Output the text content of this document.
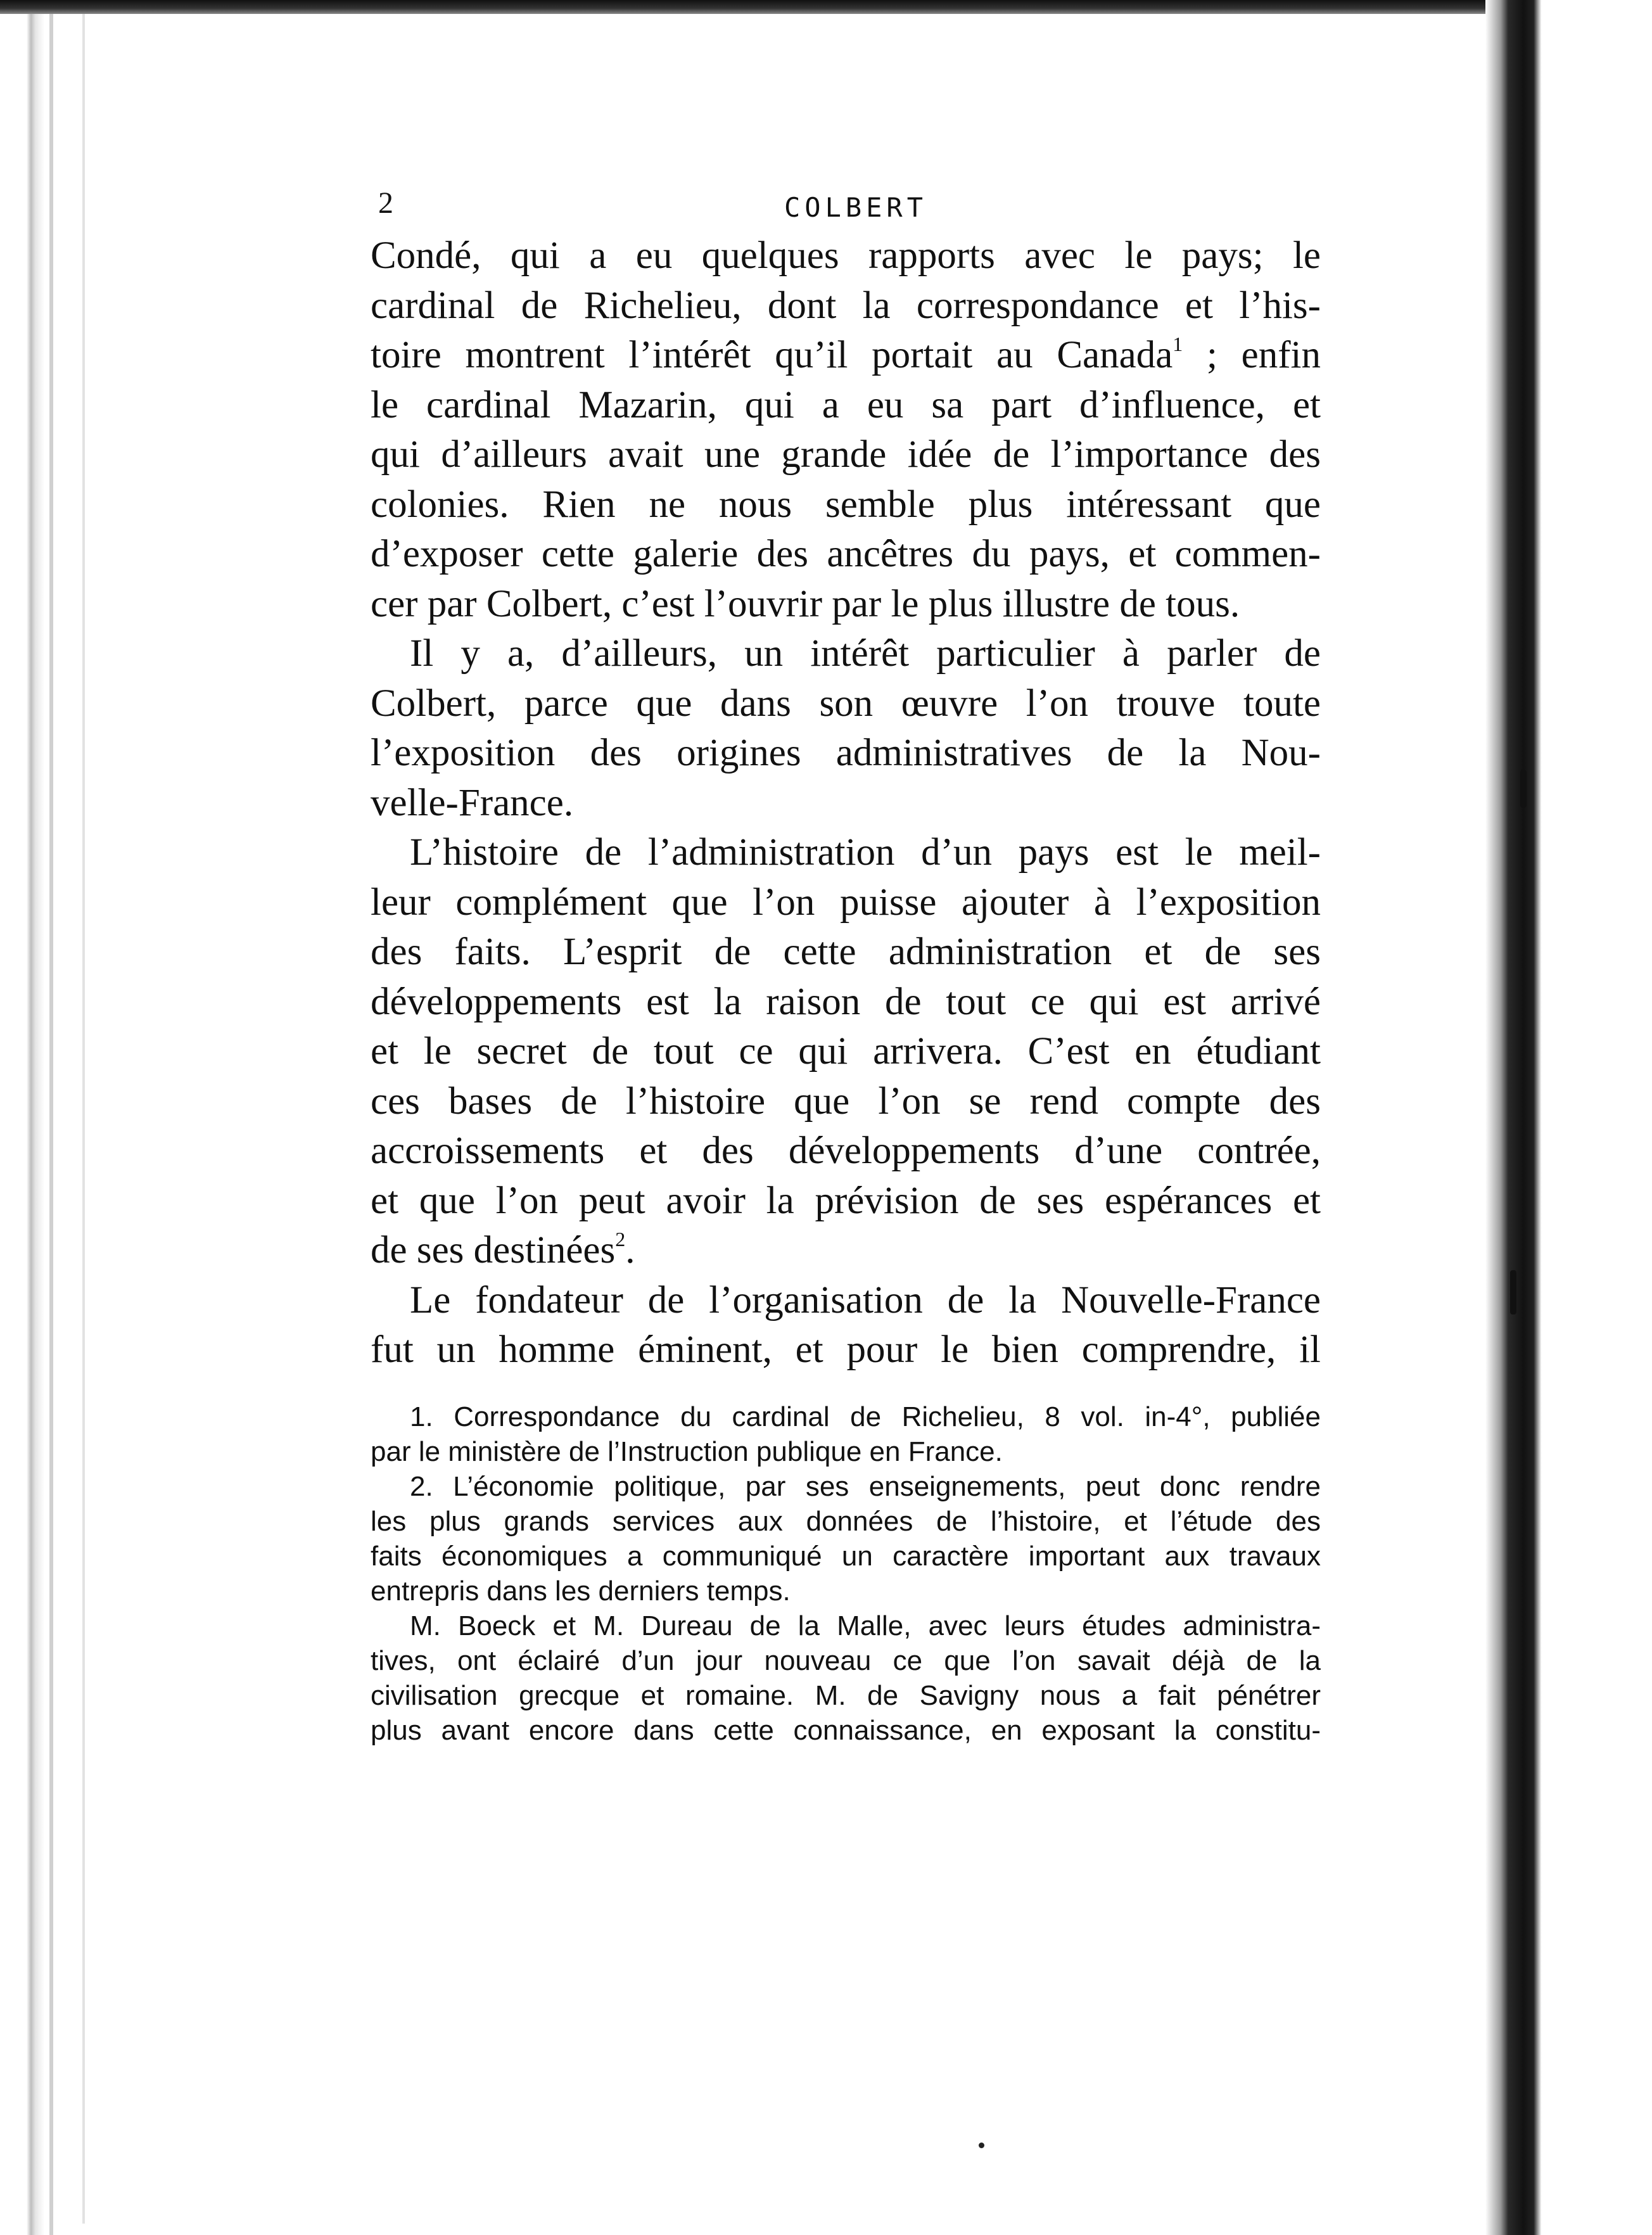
2	COLBERT

Condé, qui a eu quelques rapports avec le pays; le
cardinal de Richelieu, dont la correspondance et l’his-
toire montrent l’intérêt qu’il portait au Canada$^1$ ; enfin
le cardinal Mazarin, qui a eu sa part d’influence, et
qui d’ailleurs avait une grande idée de l’importance des
colonies. Rien ne nous semble plus intéressant que
d’exposer cette galerie des ancêtres du pays, et commen-
cer par Colbert, c’est l’ouvrir par le plus illustre de tous.

Il y a, d’ailleurs, un intérêt particulier à parler de
Colbert, parce que dans son œuvre l’on trouve toute
l’exposition des origines administratives de la Nou-
velle-France.

L’histoire de l’administration d’un pays est le meil-
leur complément que l’on puisse ajouter à l’exposition
des faits. L’esprit de cette administration et de ses
développements est la raison de tout ce qui est arrivé
et le secret de tout ce qui arrivera. C’est en étudiant
ces bases de l’histoire que l’on se rend compte des
accroissements et des développements d’une contrée,
et que l’on peut avoir la prévision de ses espérances et
de ses destinées$^2$.

Le fondateur de l’organisation de la Nouvelle-France
fut un homme éminent, et pour le bien comprendre, il

1. Correspondance du cardinal de Richelieu, 8 vol. in-4°, publiée
par le ministère de l’Instruction publique en France.
2. L’économie politique, par ses enseignements, peut donc rendre
les plus grands services aux données de l’histoire, et l’étude des
faits économiques a communiqué un caractère important aux travaux
entrepris dans les derniers temps.
M. Boeck et M. Dureau de la Malle, avec leurs études administra-
tives, ont éclairé d’un jour nouveau ce que l’on savait déjà de la
civilisation grecque et romaine. M. de Savigny nous a fait pénétrer
plus avant encore dans cette connaissance, en exposant la constitu-
